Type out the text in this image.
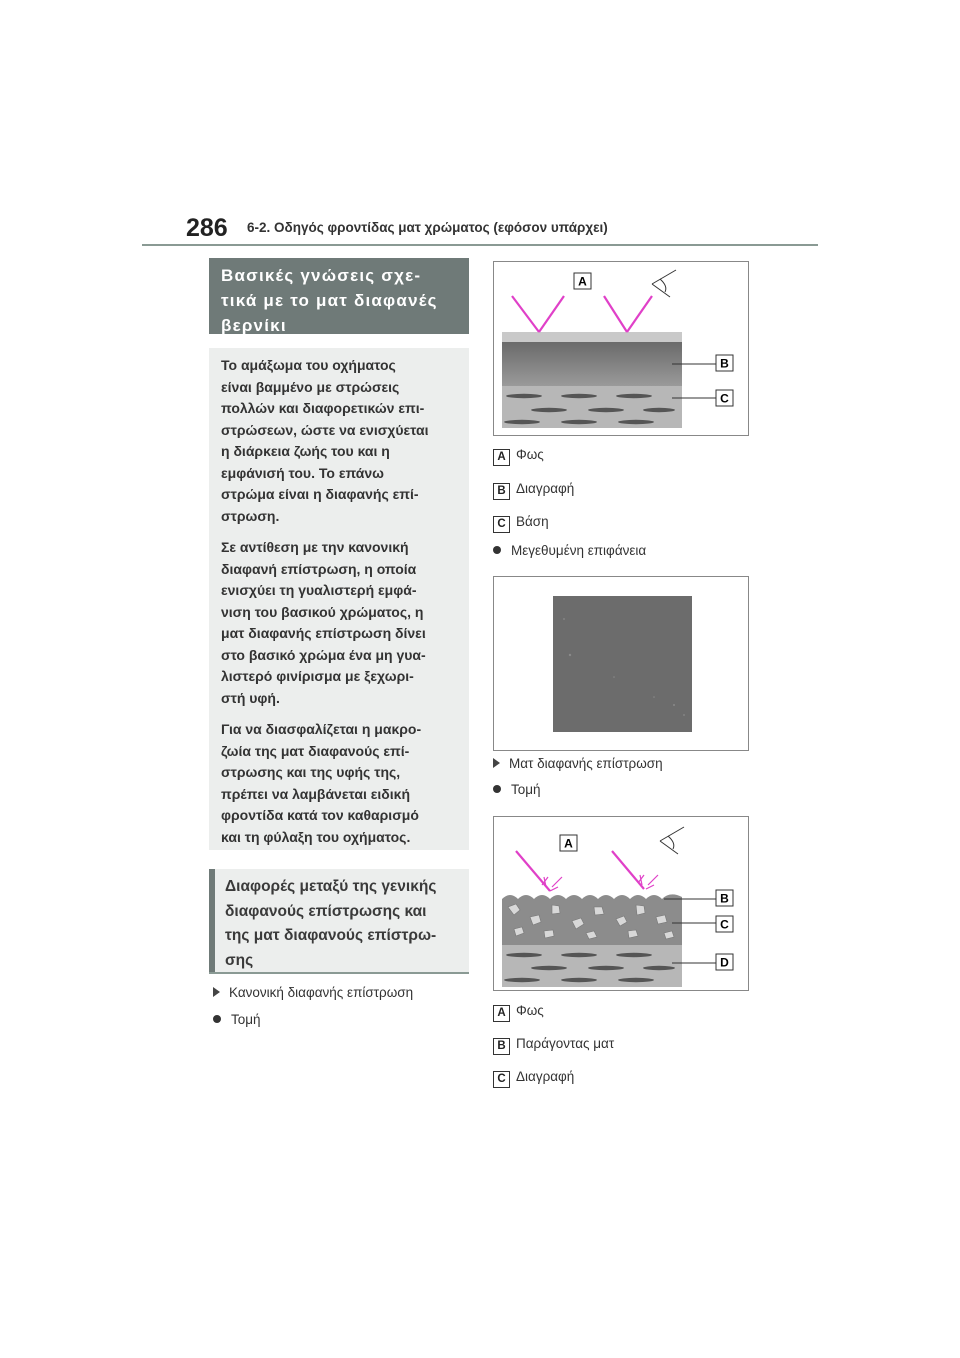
286 6-2. Οδηγός φροντίδας ματ χρώματος (εφόσον υπάρχει)
Βασικές γνώσεις σχε-
τικά με το ματ διαφανές
βερνίκι

Το αμάξωμα του οχήματος
είναι βαμμένο με στρώσεις
πολλών και διαφορετικών επι-
στρώσεων, ώστε να ενισχύεται
η διάρκεια ζωής του και η
εμφάνισή του. Το επάνω
στρώμα είναι η διαφανής επί-
στρωση.

Σε αντίθεση με την κανονική
διαφανή επίστρωση, η οποία
ενισχύει τη γυαλιστερή εμφά-
νιση του βασικού χρώματος, η
ματ διαφανής επίστρωση δίνει
στο βασικό χρώμα ένα μη γυα-
λιστερό φινίρισμα με ξεχωρι-
στή υφή.

Για να διασφαλίζεται η μακρο-
ζωία της ματ διαφανούς επί-
στρωσης και της υφής της,
πρέπει να λαμβάνεται ειδική
φροντίδα κατά τον καθαρισμό
και τη φύλαξη του οχήματος.

Διαφορές μεταξύ της γενικής
διαφανούς επίστρωσης και
της ματ διαφανούς επίστρω-
σης
Κανονική διαφανής επίστρωση
Τομή
A
B
C
A Φως
B Διαγραφή
C Βάση
Μεγεθυμένη επιφάνεια
Ματ διαφανής επίστρωση
Τομή
A
B
C
D
A Φως
B Παράγοντας ματ
C Διαγραφή
